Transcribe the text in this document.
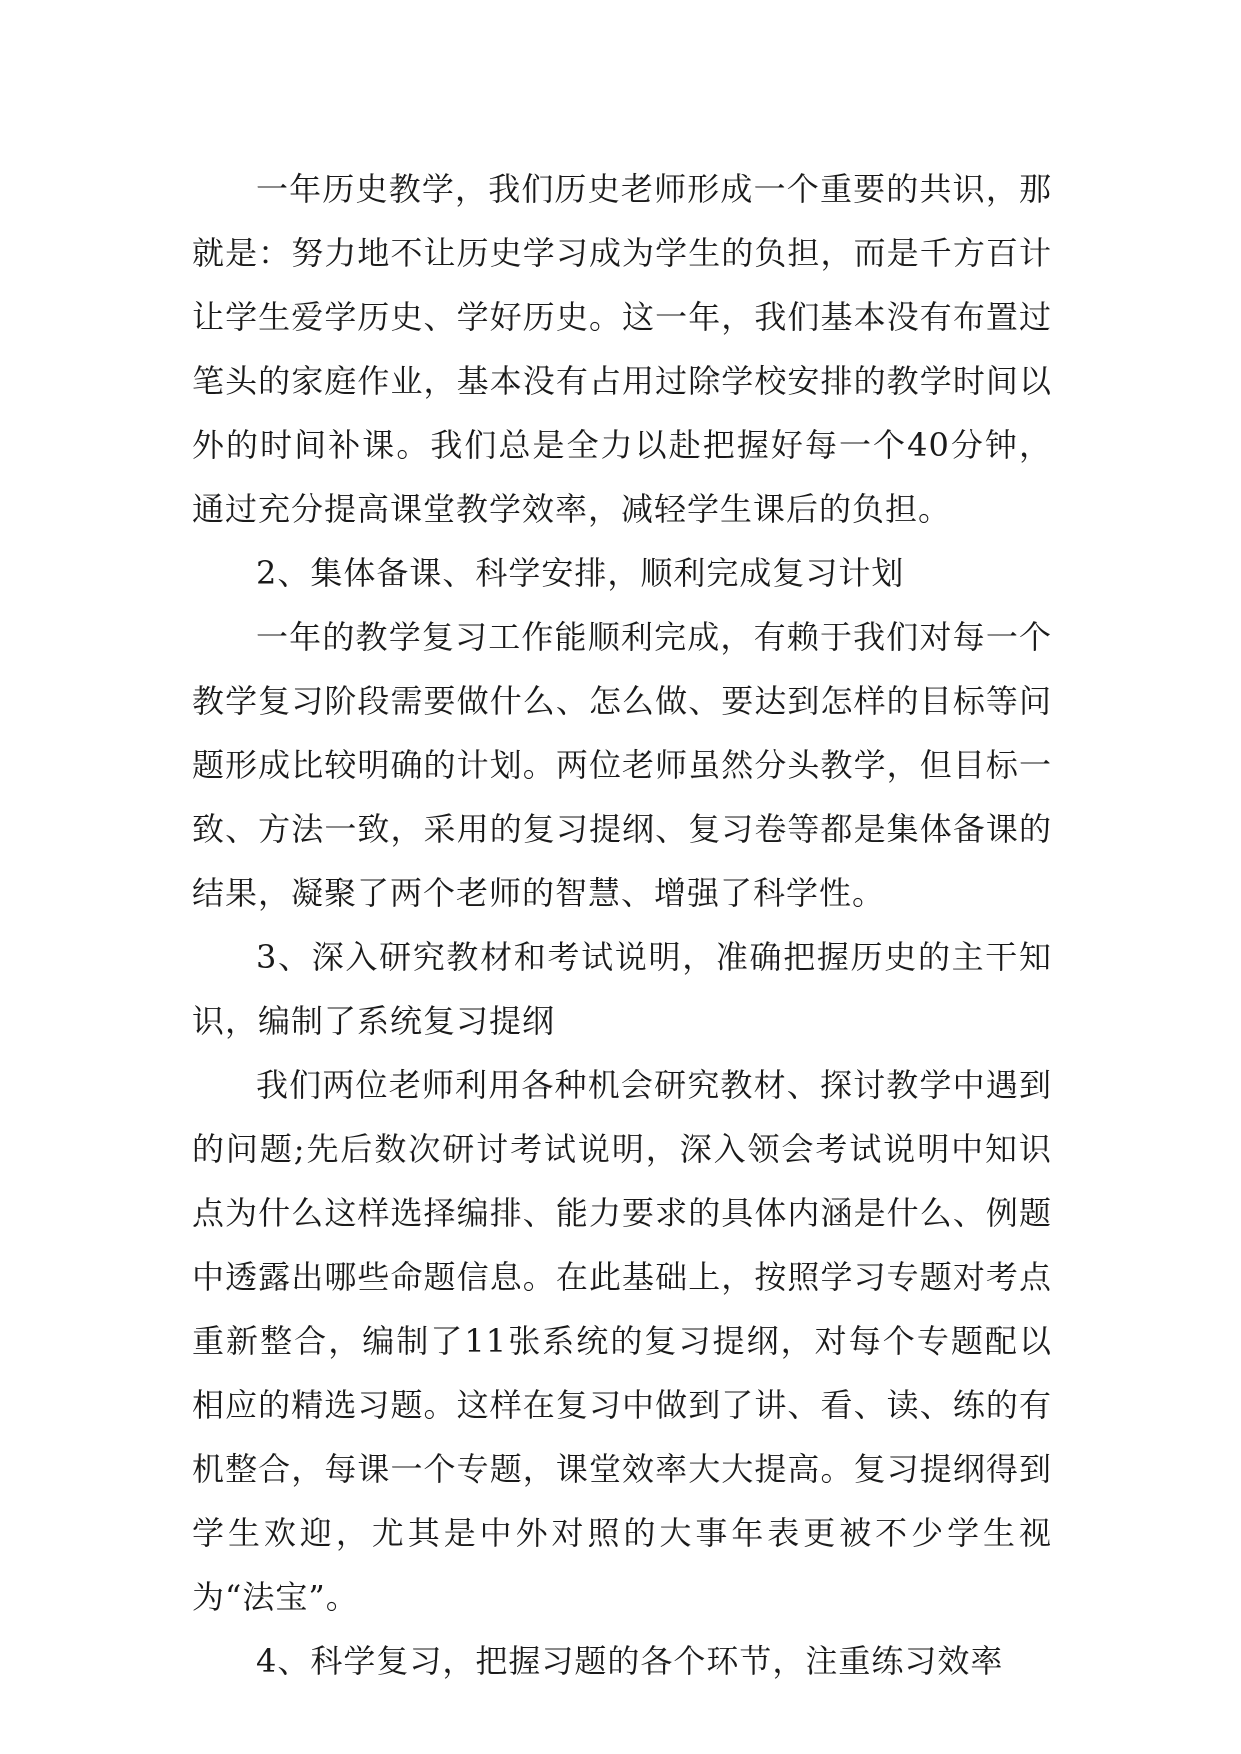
一年历史教学，我们历史老师形成一个重要的共识，那就是：努力地不让历史学习成为学生的负担，而是千方百计让学生爱学历史、学好历史。这一年，我们基本没有布置过笔头的家庭作业，基本没有占用过除学校安排的教学时间以外的时间补课。我们总是全力以赴把握好每一个40分钟，通过充分提高课堂教学效率，减轻学生课后的负担。

2、集体备课、科学安排，顺利完成复习计划

一年的教学复习工作能顺利完成，有赖于我们对每一个教学复习阶段需要做什么、怎么做、要达到怎样的目标等问题形成比较明确的计划。两位老师虽然分头教学，但目标一致、方法一致，采用的复习提纲、复习卷等都是集体备课的结果，凝聚了两个老师的智慧、增强了科学性。

3、深入研究教材和考试说明，准确把握历史的主干知识，编制了系统复习提纲

我们两位老师利用各种机会研究教材、探讨教学中遇到的问题;先后数次研讨考试说明，深入领会考试说明中知识点为什么这样选择编排、能力要求的具体内涵是什么、例题中透露出哪些命题信息。在此基础上，按照学习专题对考点重新整合，编制了11张系统的复习提纲，对每个专题配以相应的精选习题。这样在复习中做到了讲、看、读、练的有机整合，每课一个专题，课堂效率大大提高。复习提纲得到学生欢迎，尤其是中外对照的大事年表更被不少学生视为“法宝”。

4、科学复习，把握习题的各个环节，注重练习效率
